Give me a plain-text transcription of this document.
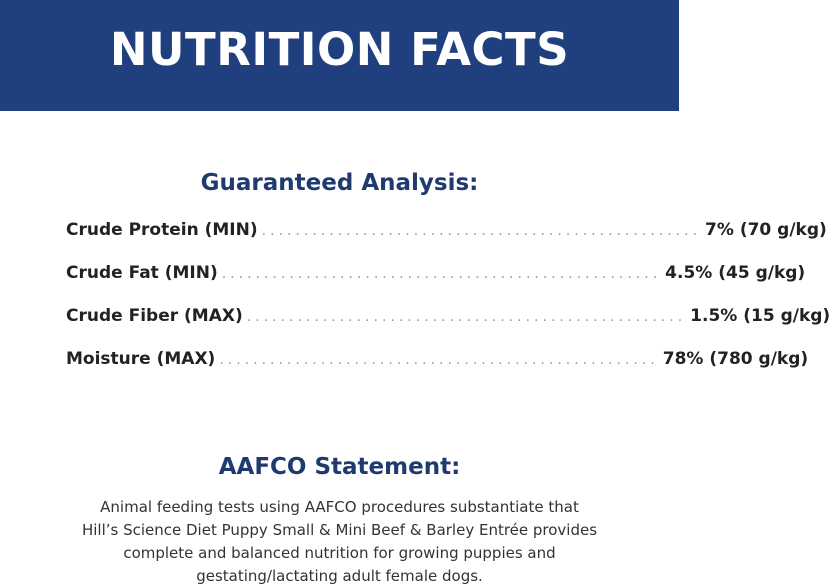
NUTRITION FACTS
Guaranteed Analysis:
Crude Protein (MIN) .................................................... 7% (70 g/kg)
Crude Fat (MIN) .................................................... 4.5% (45 g/kg)
Crude Fiber (MAX) .................................................... 1.5% (15 g/kg)
Moisture (MAX) .................................................... 78% (780 g/kg)
AAFCO Statement:
Animal feeding tests using AAFCO procedures substantiate that
Hill’s Science Diet Puppy Small & Mini Beef & Barley Entrée provides
complete and balanced nutrition for growing puppies and
gestating/lactating adult female dogs.
